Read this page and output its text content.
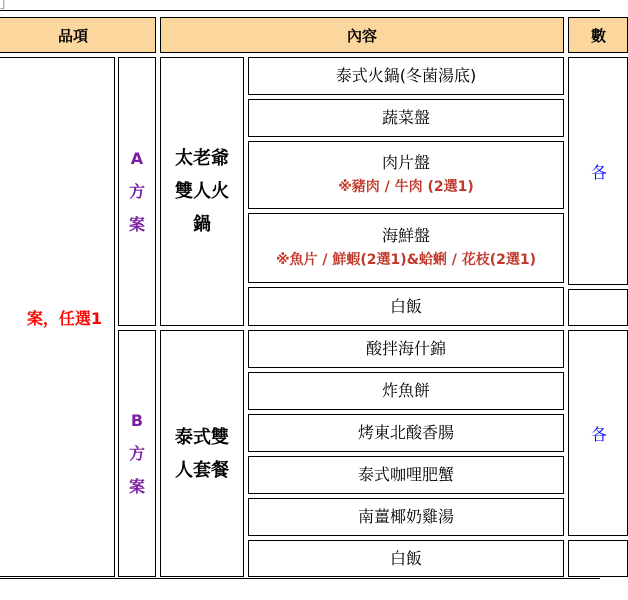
」
品項	內容	數
案，任選1
A
方
案
太老爺
雙人火
鍋
泰式火鍋(冬菌湯底)
蔬菜盤
肉片盤
※豬肉 / 牛肉 (2選1)
海鮮盤
※魚片 / 鮮蝦(2選1)&蛤蜊 / 花枝(2選1)
白飯
各
B
方
案
泰式雙
人套餐
酸拌海什錦
炸魚餅
烤東北酸香腸
泰式咖哩肥蟹
南薑椰奶雞湯
白飯
各
